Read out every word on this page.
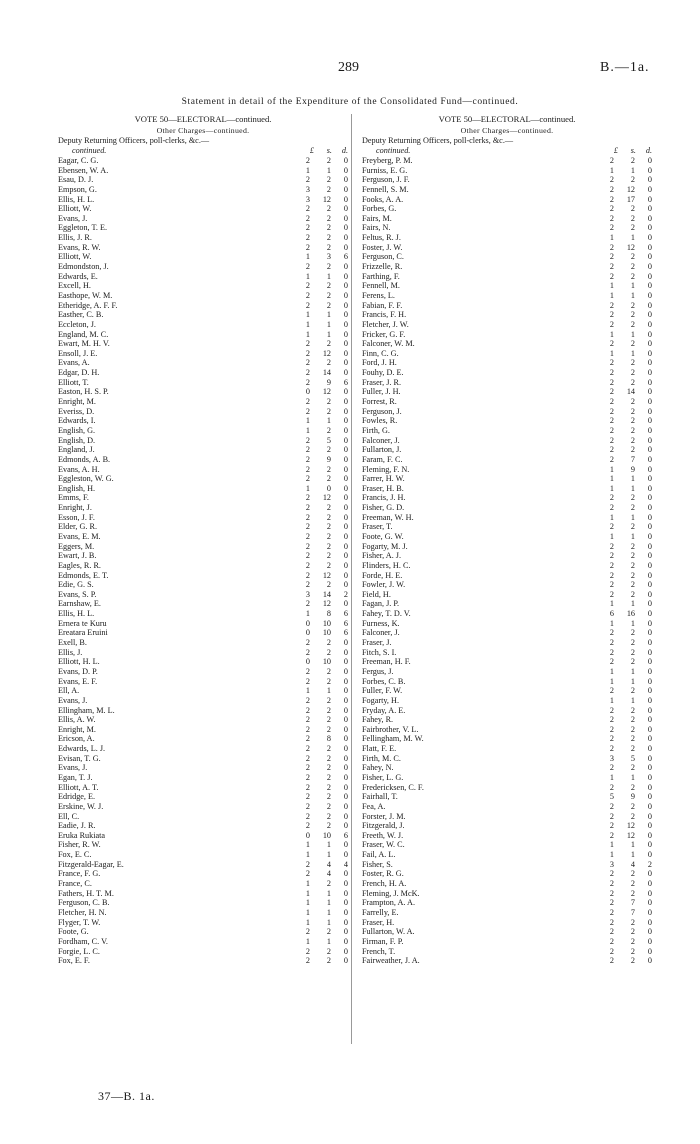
289	B.—1a.
Statement in detail of the Expenditure of the Consolidated Fund—continued.
VOTE 50—ELECTORAL—continued.
Other Charges—continued.
Deputy Returning Officers, poll-clerks, &c.—
continued.	£ s. d.
Eagar, C. G.	2	2	0
Ebensen, W. A.	1	1	0
Esau, D. J.	2	2	0
Empson, G.	3	2	0
Ellis, H. L.	3	12	0
Elliott, W.	2	2	0
Evans, J.	2	2	0
Eggleton, T. E.	2	2	0
Ellis, J. R.	2	2	0
Evans, R. W.	2	2	0
Elliott, W.	1	3	6
Edmondston, J.	2	2	0
Edwards, E.	1	1	0
Excell, H.	2	2	0
Easthope, W. M.	2	2	0
Etheridge, A. F. F.	2	2	0
Easther, C. B.	1	1	0
Eccleton, J.	1	1	0
England, M. C.	1	1	0
Ewart, M. H. V.	2	2	0
Ensoll, J. E.	2	12	0
Evans, A.	2	2	0
Edgar, D. H.	2	14	0
Elliott, T.	2	9	6
Easton, H. S. P.	0	12	0
Enright, M.	2	2	0
Everiss, D.	2	2	0
Edwards, I.	1	1	0
English, G.	1	2	0
English, D.	2	5	0
England, J.	2	2	0
Edmonds, A. B.	2	9	0
Evans, A. H.	2	2	0
Eggleston, W. G.	2	2	0
English, H.	1	0	0
Emms, F.	2	12	0
Enright, J.	2	2	0
Esson, J. F.	2	2	0
Elder, G. R.	2	2	0
Evans, E. M.	2	2	0
Eggers, M.	2	2	0
Ewart, J. B.	2	2	0
Eagles, R. R.	2	2	0
Edmonds, E. T.	2	12	0
Edie, G. S.	2	2	0
Evans, S. P.	3	14	2
Earnshaw, E.	2	12	0
Ellis, H. L.	1	8	6
Ernera te Kuru	0	10	6
Ereatara Eruini	0	10	6
Exell, B.	2	2	0
Ellis, J.	2	2	0
Elliott, H. L.	0	10	0
Evans, D. P.	2	2	0
Evans, E. F.	2	2	0
Ell, A.	1	1	0
Evans, J.	2	2	0
Ellingham, M. L.	2	2	0
Ellis, A. W.	2	2	0
Enright, M.	2	2	0
Ericson, A.	2	8	0
Edwards, L. J.	2	2	0
Evisan, T. G.	2	2	0
Evans, J.	2	2	0
Egan, T. J.	2	2	0
Elliott, A. T.	2	2	0
Edridge, E.	2	2	0
Erskine, W. J.	2	2	0
Ell, C.	2	2	0
Eadie, J. R.	2	2	0
Eruka Rukiata	0	10	6
Fisher, R. W.	1	1	0
Fox, E. C.	1	1	0
Fitzgerald-Eagar, E.	2	4	4
France, F. G.	2	4	0
France, C.	1	2	0
Fathers, H. T. M.	1	1	0
Ferguson, C. B.	1	1	0
Fletcher, H. N.	1	1	0
Flyger, T. W.	1	1	0
Foote, G.	2	2	0
Fordham, C. V.	1	1	0
Forgie, L. C.	2	2	0
Fox, E. F.	2	2	0
VOTE 50—ELECTORAL—continued.
Other Charges—continued.
Deputy Returning Officers, poll-clerks, &c.—
continued.	£ s. d.
Freyberg, P. M.	2	2	0
Furniss, E. G.	1	1	0
Ferguson, J. F.	2	2	0
Fennell, S. M.	2	12	0
Fooks, A. A.	2	17	0
Forbes, G.	2	2	0
Fairs, M.	2	2	0
Fairs, N.	2	2	0
Feltus, R. J.	1	1	0
Foster, J. W.	2	12	0
Ferguson, C.	2	2	0
Frizzelle, R.	2	2	0
Farthing, F.	2	2	0
Fennell, M.	1	1	0
Ferens, L.	1	1	0
Fabian, F. F.	2	2	0
Francis, F. H.	2	2	0
Fletcher, J. W.	2	2	0
Fricker, G. F.	1	1	0
Falconer, W. M.	2	2	0
Finn, C. G.	1	1	0
Ford, J. H.	2	2	0
Fouhy, D. E.	2	2	0
Fraser, J. R.	2	2	0
Fuller, J. H.	2	14	0
Forrest, R.	2	2	0
Ferguson, J.	2	2	0
Fowles, R.	2	2	0
Firth, G.	2	2	0
Falconer, J.	2	2	0
Fullarton, J.	2	2	0
Faram, F. C.	2	7	0
Fleming, F. N.	1	9	0
Farrer, H. W.	1	1	0
Fraser, H. B.	1	1	0
Francis, J. H.	2	2	0
Fisher, G. D.	2	2	0
Freeman, W. H.	1	1	0
Fraser, T.	2	2	0
Foote, G. W.	1	1	0
Fogarty, M. J.	2	2	0
Fisher, A. J.	2	2	0
Flinders, H. C.	2	2	0
Forde, H. E.	2	2	0
Fowler, J. W.	2	2	0
Field, H.	2	2	0
Fagan, J. P.	1	1	0
Fahey, T. D. V.	6	16	0
Furness, K.	1	1	0
Falconer, J.	2	2	0
Fraser, J.	2	2	0
Fitch, S. I.	2	2	0
Freeman, H. F.	2	2	0
Fergus, J.	1	1	0
Forbes, C. B.	1	1	0
Fuller, F. W.	2	2	0
Fogarty, H.	1	1	0
Fryday, A. E.	2	2	0
Fahey, R.	2	2	0
Fairbrother, V. L.	2	2	0
Fellingham, M. W.	2	2	0
Flatt, F. E.	2	2	0
Firth, M. C.	3	5	0
Fahey, N.	2	2	0
Fisher, L. G.	1	1	0
Fredericksen, C. F.	2	2	0
Fairhall, T.	5	9	0
Fea, A.	2	2	0
Forster, J. M.	2	2	0
Fitzgerald, J.	2	12	0
Freeth, W. J.	2	12	0
Fraser, W. C.	1	1	0
Fail, A. L.	1	1	0
Fisher, S.	3	4	2
Foster, R. G.	2	2	0
French, H. A.	2	2	0
Fleming, J. McK.	2	2	0
Frampton, A. A.	2	7	0
Farrelly, E.	2	7	0
Fraser, H.	2	2	0
Fullarton, W. A.	2	2	0
Firman, F. P.	2	2	0
French, T.	2	2	0
Fairweather, J. A.	2	2	0
37—B. 1a.
